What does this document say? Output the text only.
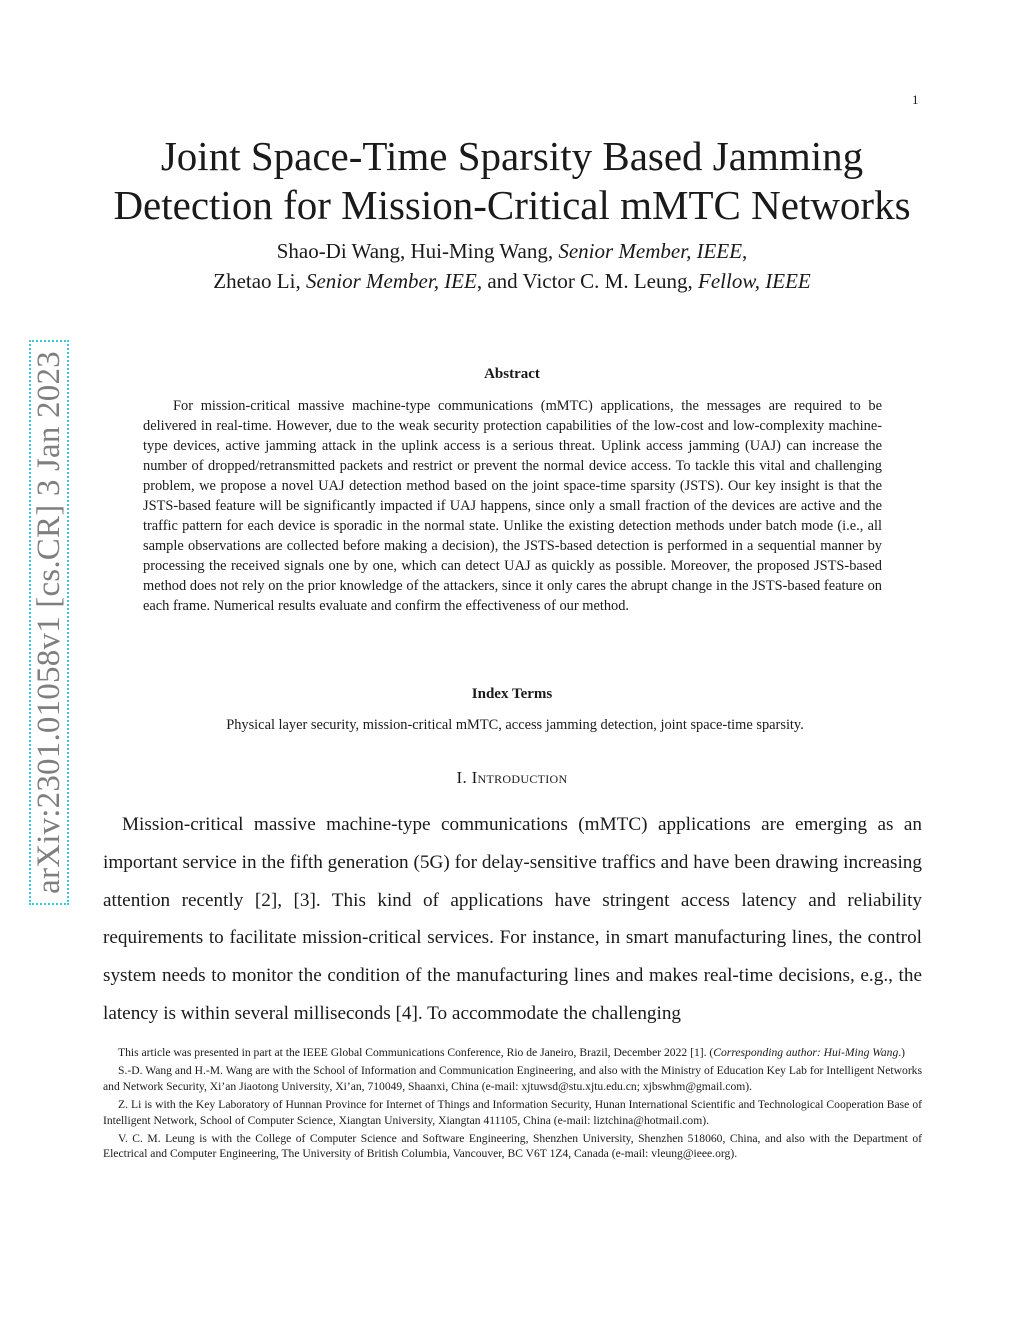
1
Joint Space-Time Sparsity Based Jamming
Detection for Mission-Critical mMTC Networks
Shao-Di Wang, Hui-Ming Wang, Senior Member, IEEE,
Zhetao Li, Senior Member, IEE, and Victor C. M. Leung, Fellow, IEEE
arXiv:2301.01058v1 [cs.CR] 3 Jan 2023	Abstract

For mission-critical massive machine-type communications (mMTC) applications, the messages are required to be delivered in real-time. However, due to the weak security protection capabilities of the low-cost and low-complexity machine-type devices, active jamming attack in the uplink access is a serious threat. Uplink access jamming (UAJ) can increase the number of dropped/retransmitted packets and restrict or prevent the normal device access. To tackle this vital and challenging problem, we propose a novel UAJ detection method based on the joint space-time sparsity (JSTS). Our key insight is that the JSTS-based feature will be significantly impacted if UAJ happens, since only a small fraction of the devices are active and the traffic pattern for each device is sporadic in the normal state. Unlike the existing detection methods under batch mode (i.e., all sample observations are collected before making a decision), the JSTS-based detection is performed in a sequential manner by processing the received signals one by one, which can detect UAJ as quickly as possible. Moreover, the proposed JSTS-based method does not rely on the prior knowledge of the attackers, since it only cares the abrupt change in the JSTS-based feature on each frame. Numerical results evaluate and confirm the effectiveness of our method.

Index Terms

Physical layer security, mission-critical mMTC, access jamming detection, joint space-time sparsity.

I. Introduction

Mission-critical massive machine-type communications (mMTC) applications are emerging as an important service in the fifth generation (5G) for delay-sensitive traffics and have been drawing increasing attention recently [2], [3]. This kind of applications have stringent access latency and reliability requirements to facilitate mission-critical services. For instance, in smart manufacturing lines, the control system needs to monitor the condition of the manufacturing lines and makes real-time decisions, e.g., the latency is within several milliseconds [4]. To accommodate the challenging

This article was presented in part at the IEEE Global Communications Conference, Rio de Janeiro, Brazil, December 2022 [1]. (Corresponding author: Hui-Ming Wang.)

S.-D. Wang and H.-M. Wang are with the School of Information and Communication Engineering, and also with the Ministry of Education Key Lab for Intelligent Networks and Network Security, Xi’an Jiaotong University, Xi’an, 710049, Shaanxi, China (e-mail: xjtuwsd@stu.xjtu.edu.cn; xjbswhm@gmail.com).

Z. Li is with the Key Laboratory of Hunnan Province for Internet of Things and Information Security, Hunan International Scientific and Technological Cooperation Base of Intelligent Network, School of Computer Science, Xiangtan University, Xiangtan 411105, China (e-mail: liztchina@hotmail.com).

V. C. M. Leung is with the College of Computer Science and Software Engineering, Shenzhen University, Shenzhen 518060, China, and also with the Department of Electrical and Computer Engineering, The University of British Columbia, Vancouver, BC V6T 1Z4, Canada (e-mail: vleung@ieee.org).
